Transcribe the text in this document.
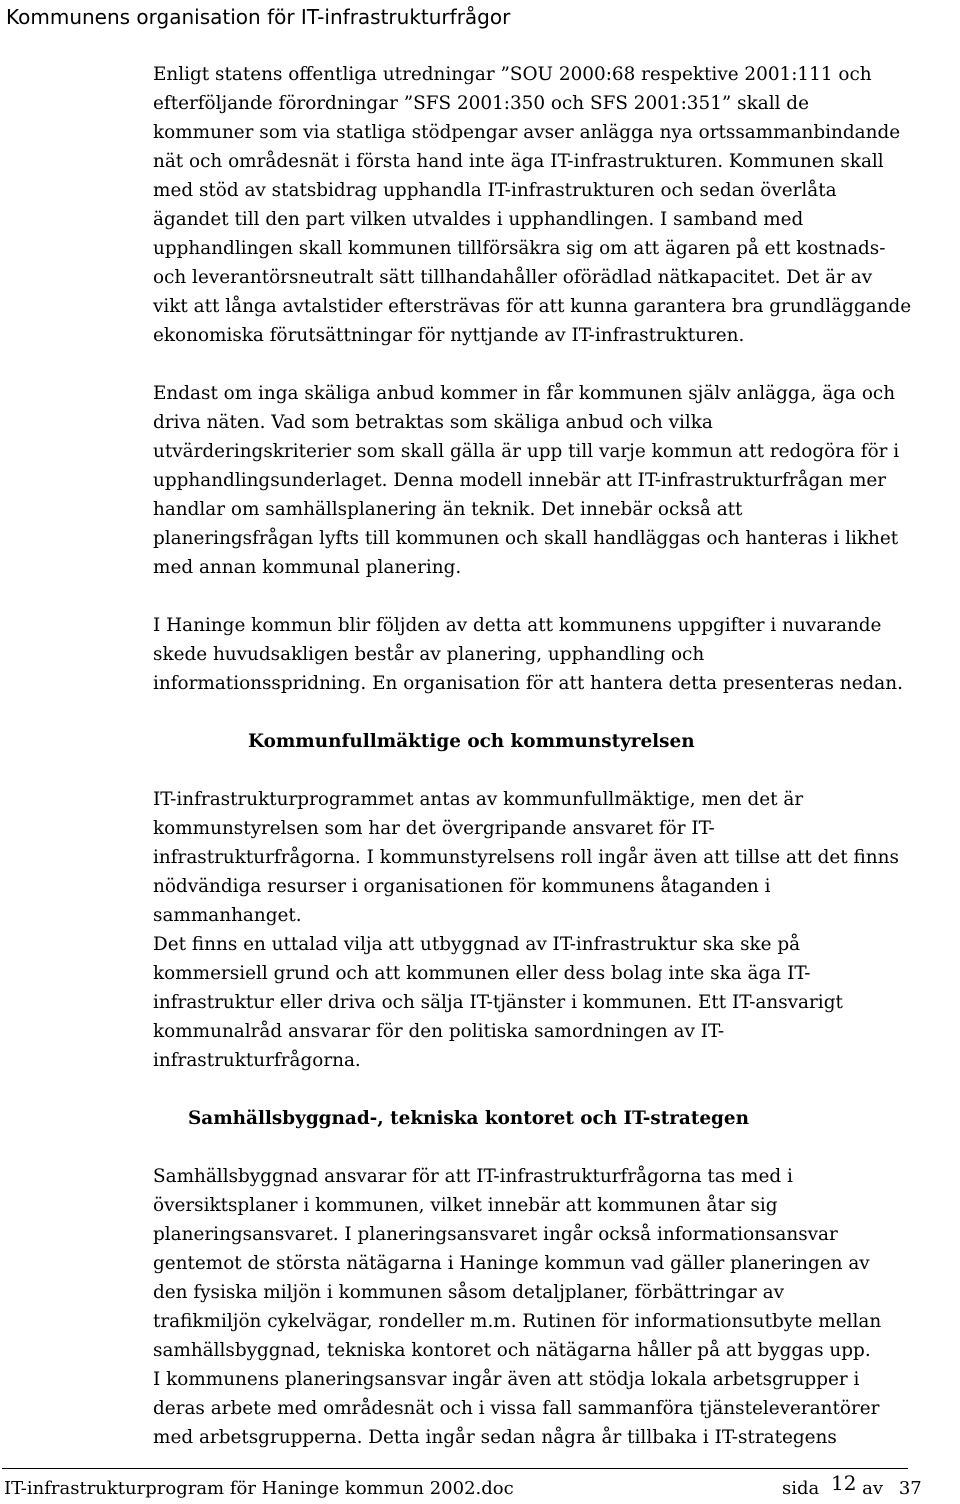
Kommunens organisation för IT-infrastrukturfrågor

Enligt statens offentliga utredningar ”SOU 2000:68 respektive 2001:111 och
efterföljande förordningar ”SFS 2001:350 och SFS 2001:351” skall de
kommuner som via statliga stödpengar avser anlägga nya ortssammanbindande
nät och områdesnät i första hand inte äga IT-infrastrukturen. Kommunen skall
med stöd av statsbidrag upphandla IT-infrastrukturen och sedan överlåta
ägandet till den part vilken utvaldes i upphandlingen. I samband med
upphandlingen skall kommunen tillförsäkra sig om att ägaren på ett kostnads-
och leverantörsneutralt sätt tillhandahåller oförädlad nätkapacitet. Det är av
vikt att långa avtalstider eftersträvas för att kunna garantera bra grundläggande
ekonomiska förutsättningar för nyttjande av IT-infrastrukturen.

Endast om inga skäliga anbud kommer in får kommunen själv anlägga, äga och
driva näten. Vad som betraktas som skäliga anbud och vilka
utvärderingskriterier som skall gälla är upp till varje kommun att redogöra för i
upphandlingsunderlaget. Denna modell innebär att IT-infrastrukturfrågan mer
handlar om samhällsplanering än teknik. Det innebär också att
planeringsfrågan lyfts till kommunen och skall handläggas och hanteras i likhet
med annan kommunal planering.

I Haninge kommun blir följden av detta att kommunens uppgifter i nuvarande
skede huvudsakligen består av planering, upphandling och
informationsspridning. En organisation för att hantera detta presenteras nedan.

Kommunfullmäktige och kommunstyrelsen

IT-infrastrukturprogrammet antas av kommunfullmäktige, men det är
kommunstyrelsen som har det övergripande ansvaret för IT-
infrastrukturfrågorna. I kommunstyrelsens roll ingår även att tillse att det finns
nödvändiga resurser i organisationen för kommunens åtaganden i
sammanhanget.

Det finns en uttalad vilja att utbyggnad av IT-infrastruktur ska ske på
kommersiell grund och att kommunen eller dess bolag inte ska äga IT-
infrastruktur eller driva och sälja IT-tjänster i kommunen. Ett IT-ansvarigt
kommunalråd ansvarar för den politiska samordningen av IT-
infrastrukturfrågorna.

Samhällsbyggnad-, tekniska kontoret och IT-strategen

Samhällsbyggnad ansvarar för att IT-infrastrukturfrågorna tas med i
översiktsplaner i kommunen, vilket innebär att kommunen åtar sig
planeringsansvaret. I planeringsansvaret ingår också informationsansvar
gentemot de största nätägarna i Haninge kommun vad gäller planeringen av
den fysiska miljön i kommunen såsom detaljplaner, förbättringar av
trafikmiljön cykelvägar, rondeller m.m. Rutinen för informationsutbyte mellan
samhällsbyggnad, tekniska kontoret och nätägarna håller på att byggas upp.

I kommunens planeringsansvar ingår även att stödja lokala arbetsgrupper i
deras arbete med områdesnät och i vissa fall sammanföra tjänsteleverantörer
med arbetsgrupperna. Detta ingår sedan några år tillbaka i IT-strategens

IT-infrastrukturprogram för Haninge kommun 2002.doc	sida 12 av 37
